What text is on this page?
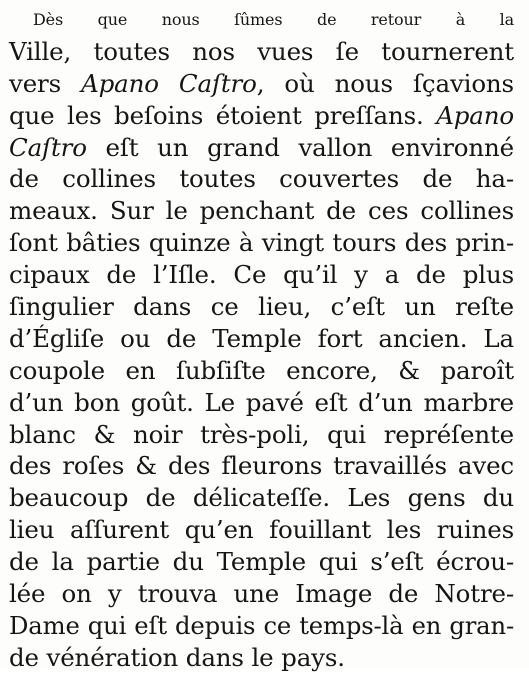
Dès que nous ſûmes de retour à la
Ville, toutes nos vues ſe tournerent
vers Apano Caſtro, où nous ſçavions
que les beſoins étoient preſſans. Apano
Caſtro eſt un grand vallon environné
de collines toutes couvertes de ha-
meaux. Sur le penchant de ces collines
ſont bâties quinze à vingt tours des prin-
cipaux de l’Iſle. Ce qu’il y a de plus
ſingulier dans ce lieu, c’eſt un reſte
d’Égliſe ou de Temple fort ancien. La
coupole en ſubſiſte encore, & paroît
d’un bon goût. Le pavé eſt d’un marbre
blanc & noir très-poli, qui repréſente
des roſes & des fleurons travaillés avec
beaucoup de délicateſſe. Les gens du
lieu aſſurent qu’en fouillant les ruines
de la partie du Temple qui s’eſt écrou-
lée on y trouva une Image de Notre-
Dame qui eſt depuis ce temps-là en gran-
de vénération dans le pays.
